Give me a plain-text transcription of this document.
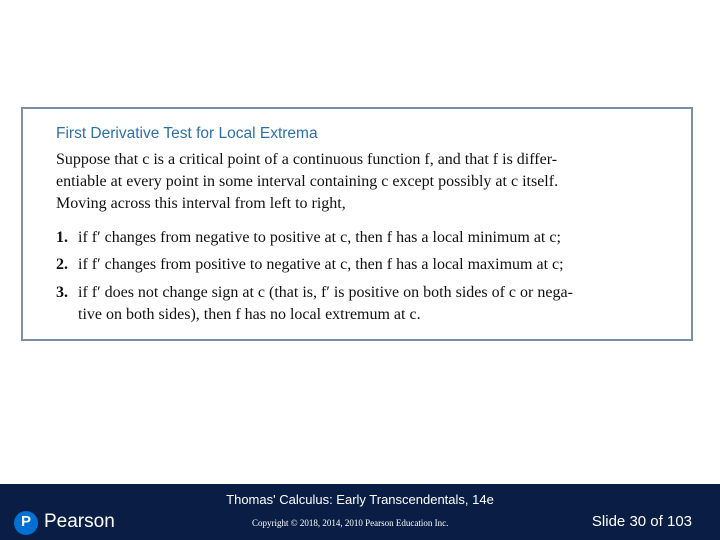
First Derivative Test for Local Extrema
Suppose that c is a critical point of a continuous function f, and that f is differ-
entiable at every point in some interval containing c except possibly at c itself.
Moving across this interval from left to right,
1. if f′ changes from negative to positive at c, then f has a local minimum at c;
2. if f′ changes from positive to negative at c, then f has a local maximum at c;
3. if f′ does not change sign at c (that is, f′ is positive on both sides of c or nega-
tive on both sides), then f has no local extremum at c.
P Pearson
Thomas' Calculus: Early Transcendentals, 14e
Copyright © 2018, 2014, 2010 Pearson Education Inc.	Slide 30 of 103
